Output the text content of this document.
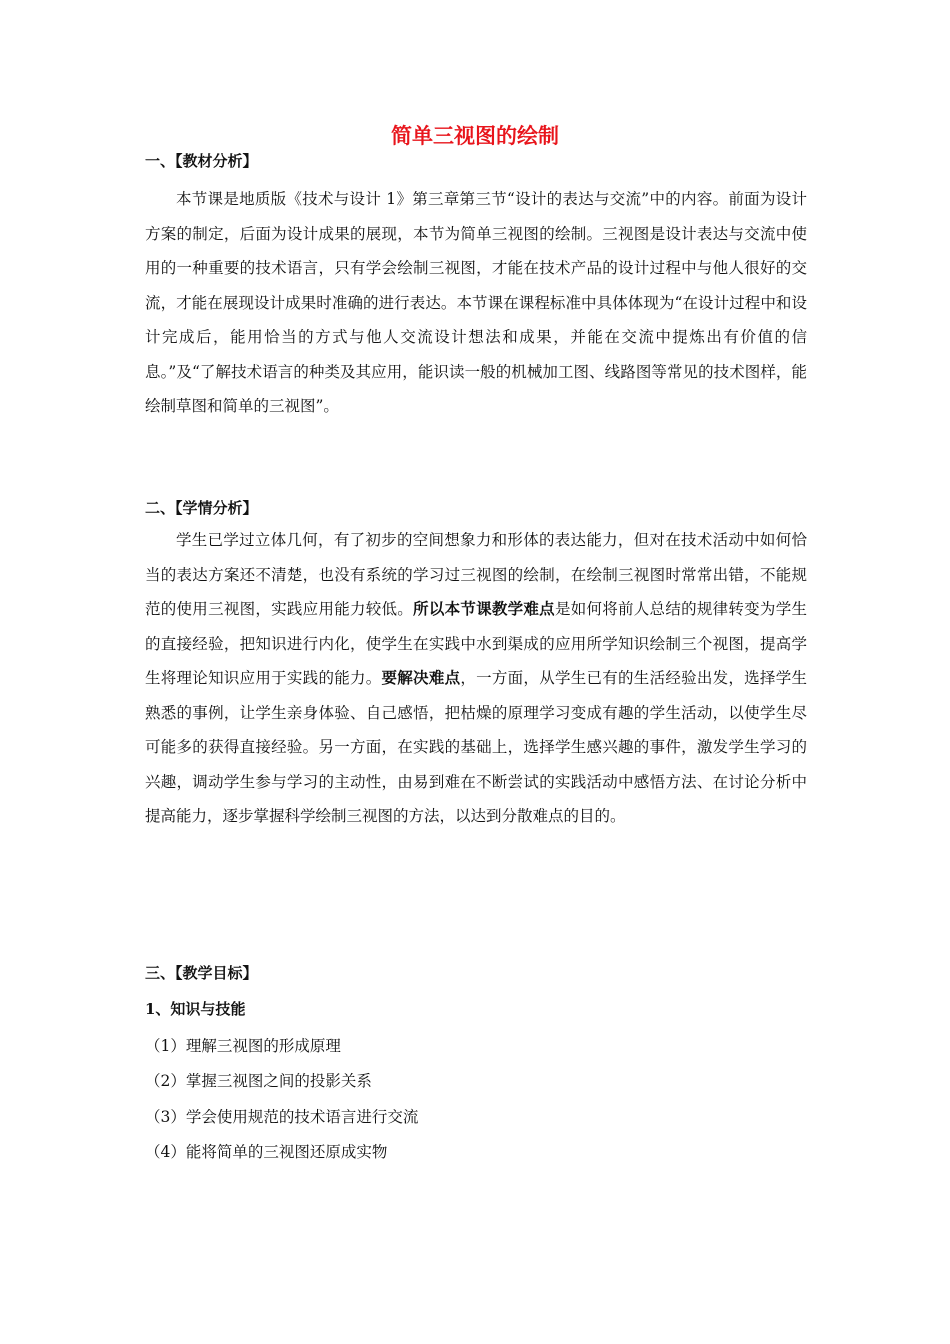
简单三视图的绘制
一、【教材分析】

本节课是地质版《技术与设计 1》第三章第三节“设计的表达与交流”中的内容。前面为设计方案的制定，后面为设计成果的展现，本节为简单三视图的绘制。三视图是设计表达与交流中使用的一种重要的技术语言，只有学会绘制三视图，才能在技术产品的设计过程中与他人很好的交流，才能在展现设计成果时准确的进行表达。本节课在课程标准中具体体现为“在设计过程中和设计完成后，能用恰当的方式与他人交流设计想法和成果，并能在交流中提炼出有价值的信息。”及“了解技术语言的种类及其应用，能识读一般的机械加工图、线路图等常见的技术图样，能绘制草图和简单的三视图”。

二、【学情分析】

学生已学过立体几何，有了初步的空间想象力和形体的表达能力，但对在技术活动中如何恰当的表达方案还不清楚，也没有系统的学习过三视图的绘制，在绘制三视图时常常出错，不能规范的使用三视图，实践应用能力较低。所以本节课教学难点是如何将前人总结的规律转变为学生的直接经验，把知识进行内化，使学生在实践中水到渠成的应用所学知识绘制三个视图，提高学生将理论知识应用于实践的能力。要解决难点，一方面，从学生已有的生活经验出发，选择学生熟悉的事例，让学生亲身体验、自己感悟，把枯燥的原理学习变成有趣的学生活动，以使学生尽可能多的获得直接经验。另一方面，在实践的基础上，选择学生感兴趣的事件，激发学生学习的兴趣，调动学生参与学习的主动性，由易到难在不断尝试的实践活动中感悟方法、在讨论分析中提高能力，逐步掌握科学绘制三视图的方法，以达到分散难点的目的。

三、【教学目标】
1、知识与技能

（1）理解三视图的形成原理

（2）掌握三视图之间的投影关系

（3）学会使用规范的技术语言进行交流

（4）能将简单的三视图还原成实物
